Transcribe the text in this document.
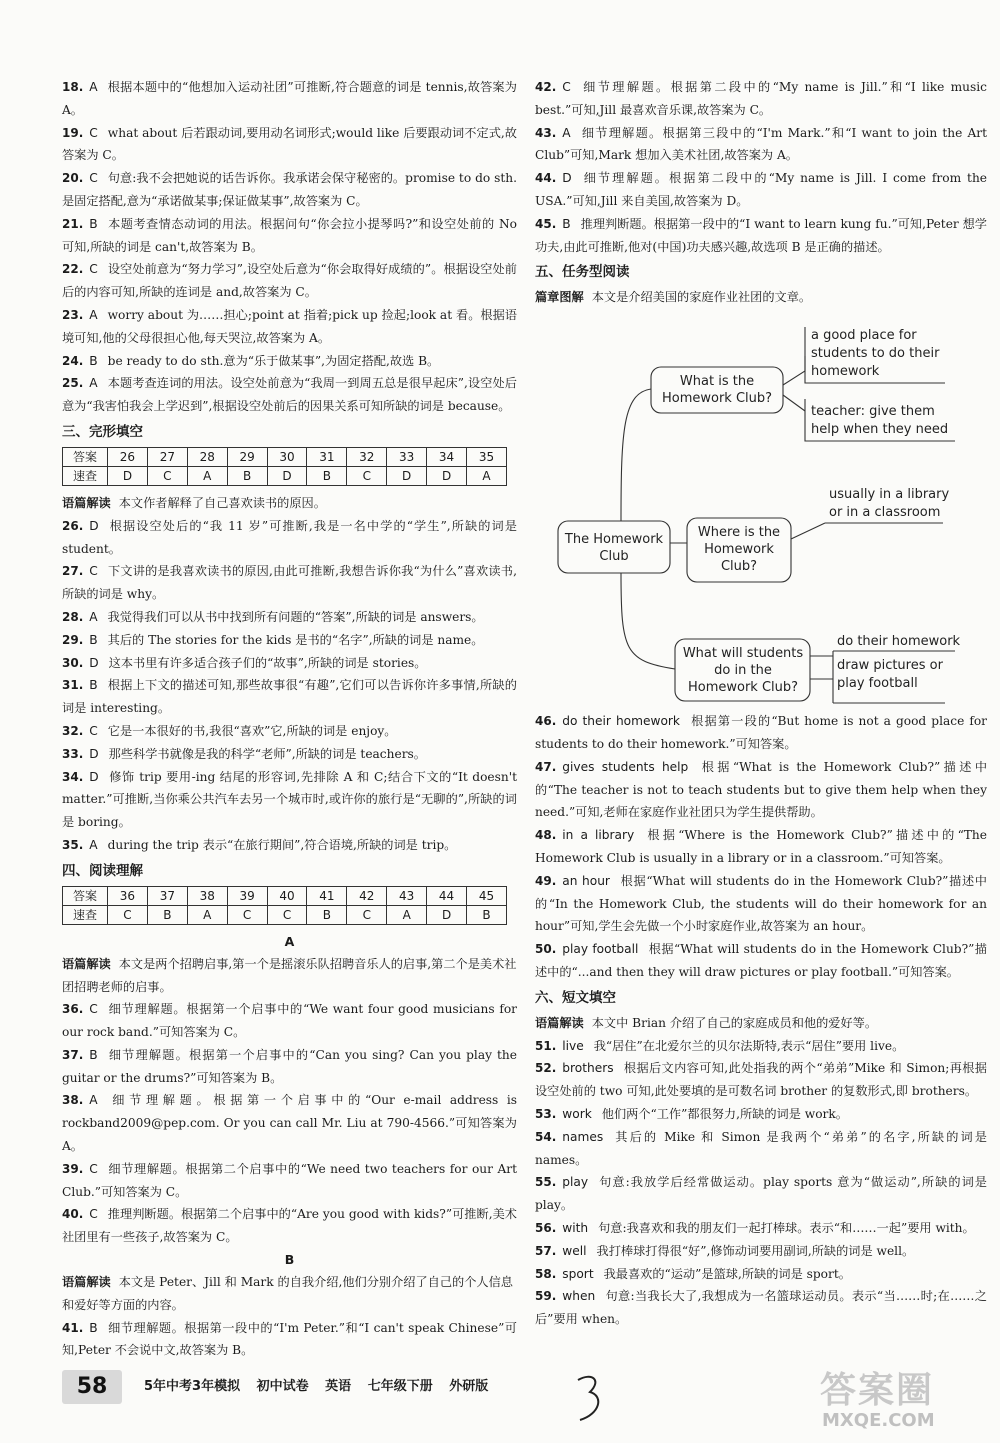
18. A 根据本题中的“他想加入运动社团”可推断,符合题意的词是 tennis,故答案为 A。

19. C what about 后若跟动词,要用动名词形式;would like 后要跟动词不定式,故答案为 C。

20. C 句意:我不会把她说的话告诉你。我承诺会保守秘密的。promise to do sth.是固定搭配,意为“承诺做某事;保证做某事”,故答案为 C。

21. B 本题考查情态动词的用法。根据问句“你会拉小提琴吗?”和设空处前的 No 可知,所缺的词是 can't,故答案为 B。

22. C 设空处前意为“努力学习”,设空处后意为“你会取得好成绩的”。根据设空处前后的内容可知,所缺的连词是 and,故答案为 C。

23. A worry about 为……担心;point at 指着;pick up 捡起;look at 看。根据语境可知,他的父母很担心他,每天哭泣,故答案为 A。

24. B be ready to do sth.意为“乐于做某事”,为固定搭配,故选 B。

25. A 本题考查连词的用法。设空处前意为“我周一到周五总是很早起床”,设空处后意为“我害怕我会上学迟到”,根据设空处前后的因果关系可知所缺的词是 because。

三、完形填空
答案	26	27	28	29	30	31	32	33	34	35
速查	D	C	A	B	D	B	C	D	D	A

语篇解读 本文作者解释了自己喜欢读书的原因。

26. D 根据设空处后的“我 11 岁”可推断,我是一名中学的“学生”,所缺的词是 student。

27. C 下文讲的是我喜欢读书的原因,由此可推断,我想告诉你我“为什么”喜欢读书,所缺的词是 why。

28. A 我觉得我们可以从书中找到所有问题的“答案”,所缺的词是 answers。

29. B 其后的 The stories for the kids 是书的“名字”,所缺的词是 name。

30. D 这本书里有许多适合孩子们的“故事”,所缺的词是 stories。

31. B 根据上下文的描述可知,那些故事很“有趣”,它们可以告诉你许多事情,所缺的词是 interesting。

32. C 它是一本很好的书,我很“喜欢”它,所缺的词是 enjoy。

33. D 那些科学书就像是我的科学“老师”,所缺的词是 teachers。

34. D 修饰 trip 要用-ing 结尾的形容词,先排除 A 和 C;结合下文的“It doesn't matter.”可推断,当你乘公共汽车去另一个城市时,或许你的旅行是“无聊的”,所缺的词是 boring。

35. A during the trip 表示“在旅行期间”,符合语境,所缺的词是 trip。

四、阅读理解
答案	36	37	38	39	40	41	42	43	44	45
速查	C	B	A	C	C	B	C	A	D	B
A

语篇解读 本文是两个招聘启事,第一个是摇滚乐队招聘音乐人的启事,第二个是美术社团招聘老师的启事。

36. C 细节理解题。根据第一个启事中的“We want four good musicians for our rock band.”可知答案为 C。

37. B 细节理解题。根据第一个启事中的“Can you sing? Can you play the guitar or the drums?”可知答案为 B。

38. A 细节理解题。根据第一个启事中的“Our e-mail address is rockband2009@pep.com. Or you can call Mr. Liu at 790-4566.”可知答案为 A。

39. C 细节理解题。根据第二个启事中的“We need two teachers for our Art Club.”可知答案为 C。

40. C 推理判断题。根据第二个启事中的“Are you good with kids?”可推断,美术社团里有一些孩子,故答案为 C。

B

语篇解读 本文是 Peter、Jill 和 Mark 的自我介绍,他们分别介绍了自己的个人信息和爱好等方面的内容。

41. B 细节理解题。根据第一段中的“I'm Peter.”和“I can't speak Chinese”可知,Peter 不会说中文,故答案为 B。

42. C 细节理解题。根据第二段中的“My name is Jill.”和“I like music best.”可知,Jill 最喜欢音乐课,故答案为 C。

43. A 细节理解题。根据第三段中的“I'm Mark.”和“I want to join the Art Club”可知,Mark 想加入美术社团,故答案为 A。

44. D 细节理解题。根据第二段中的“My name is Jill. I come from the USA.”可知,Jill 来自美国,故答案为 D。

45. B 推理判断题。根据第一段中的“I want to learn kung fu.”可知,Peter 想学功夫,由此可推断,他对(中国)功夫感兴趣,故选项 B 是正确的描述。

五、任务型阅读

篇章图解 本文是介绍美国的家庭作业社团的文章。

The Homework Club
What is the Homework Club?
Where is the Homework Club?
What will students do in the Homework Club?
a good place for students to do their homework
teacher: give them help when they need
usually in a library or in a classroom
do their homework
draw pictures or play football

46. do their homework 根据第一段的“But home is not a good place for students to do their homework.”可知答案。

47. gives students help 根据“What is the Homework Club?”描述中的“The teacher is not to teach students but to give them help when they need.”可知,老师在家庭作业社团只为学生提供帮助。

48. in a library 根据“Where is the Homework Club?”描述中的“The Homework Club is usually in a library or in a classroom.”可知答案。

49. an hour 根据“What will students do in the Homework Club?”描述中的“In the Homework Club, the students will do their homework for an hour”可知,学生会先做一个小时家庭作业,故答案为 an hour。

50. play football 根据“What will students do in the Homework Club?”描述中的“...and then they will draw pictures or play football.”可知答案。

六、短文填空

语篇解读 本文中 Brian 介绍了自己的家庭成员和他的爱好等。

51. live 我“居住”在北爱尔兰的贝尔法斯特,表示“居住”要用 live。

52. brothers 根据后文内容可知,此处指我的两个“弟弟”Mike 和 Simon;再根据设空处前的 two 可知,此处要填的是可数名词 brother 的复数形式,即 brothers。

53. work 他们两个“工作”都很努力,所缺的词是 work。

54. names 其后的 Mike 和 Simon 是我两个“弟弟”的名字,所缺的词是 names。

55. play 句意:我放学后经常做运动。play sports 意为“做运动”,所缺的词是 play。

56. with 句意:我喜欢和我的朋友们一起打棒球。表示“和……一起”要用 with。

57. well 我打棒球打得很“好”,修饰动词要用副词,所缺的词是 well。

58. sport 我最喜欢的“运动”是篮球,所缺的词是 sport。

59. when 句意:当我长大了,我想成为一名篮球运动员。表示“当……时;在……之后”要用 when。

58	5年中考3年模拟 初中试卷 英语 七年级下册 外研版	答案圈
MXQE.COM
